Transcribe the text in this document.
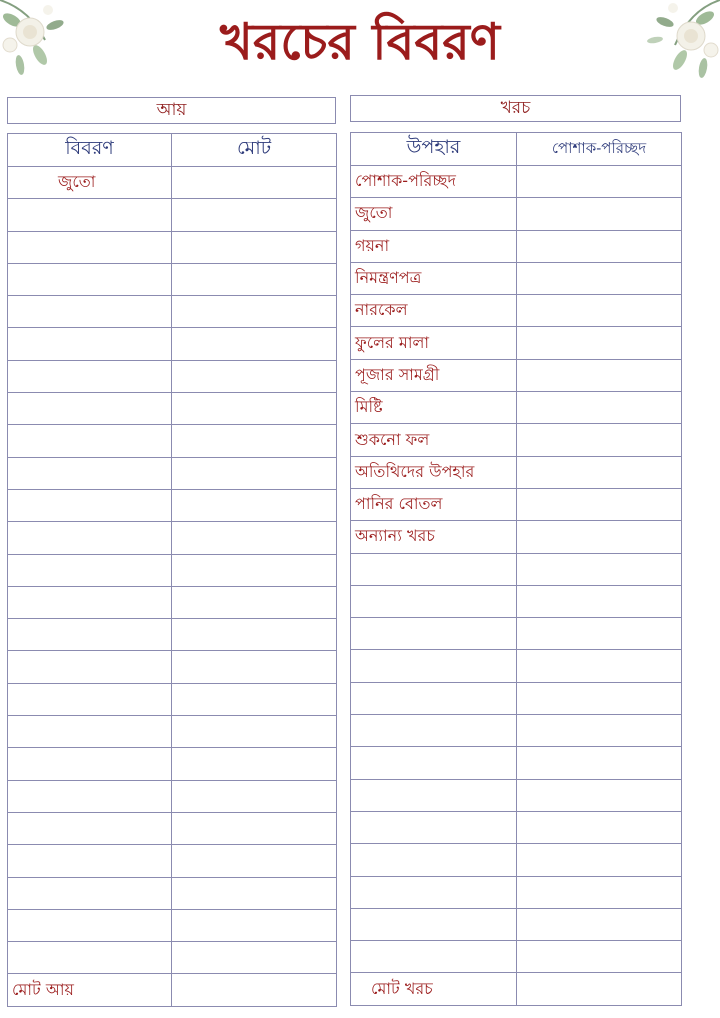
খরচের বিবরণ
আয়	খরচ
বিবরণ	মোট
জুতো	

মোট আয়	
উপহার	পোশাক-পরিচ্ছদ
পোশাক-পরিচ্ছদ	
জুতো	
গয়না	
নিমন্ত্রণপত্র	
নারকেল	
ফুলের মালা	
পূজার সামগ্রী	
মিষ্টি	
শুকনো ফল	
অতিথিদের উপহার	
পানির বোতল	
অন্যান্য খরচ	

মোট খরচ	
